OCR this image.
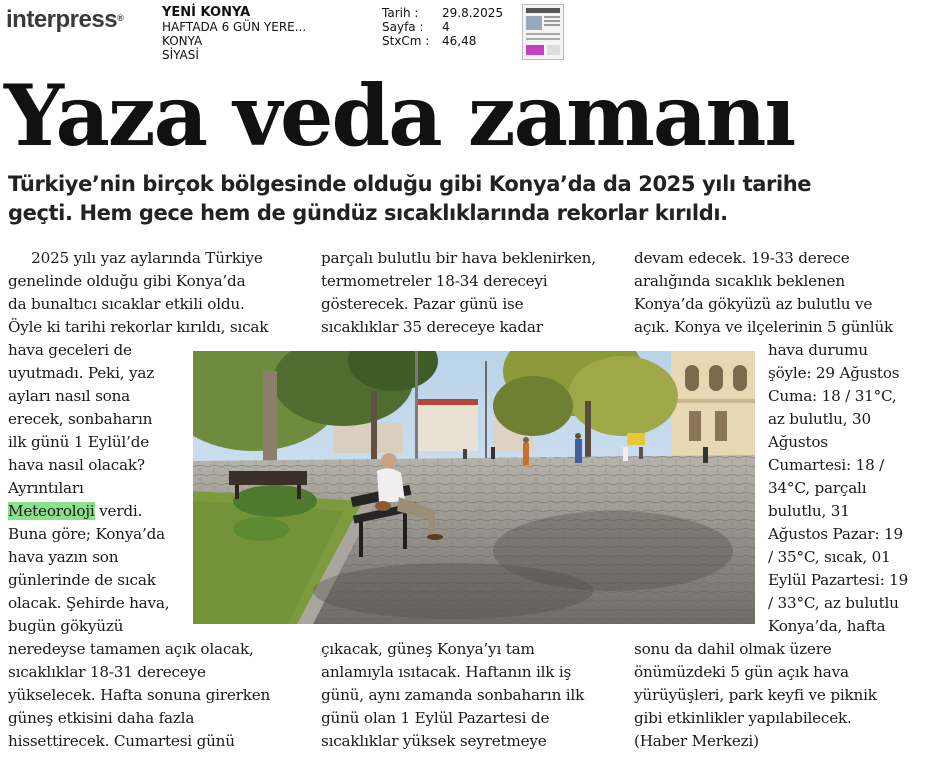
interpress®	YENİ KONYA
HAFTADA 6 GÜN YERE...
KONYA
SİYASİ
Tarih :	29.8.2025
Sayfa :	4
StxCm :	46,48
Yaza veda zamanı
Türkiye’nin birçok bölgesinde olduğu gibi Konya’da da 2025 yılı tarihe
geçti. Hem gece hem de gündüz sıcaklıklarında rekorlar kırıldı.

2025 yılı yaz aylarında Türkiye

genelinde olduğu gibi Konya’da

da bunaltıcı sıcaklar etkili oldu.

Öyle ki tarihi rekorlar kırıldı, sıcak

hava geceleri de

uyutmadı. Peki, yaz

ayları nasıl sona

erecek, sonbaharın

ilk günü 1 Eylül’de

hava nasıl olacak?

Ayrıntıları

Meteoroloji verdi.

Buna göre; Konya’da

hava yazın son

günlerinde de sıcak

olacak. Şehirde hava,

bugün gökyüzü

neredeyse tamamen açık olacak,

sıcaklıklar 18-31 dereceye

yükselecek. Hafta sonuna girerken

güneş etkisini daha fazla

hissettirecek. Cumartesi günü

parçalı bulutlu bir hava beklenirken,

termometreler 18-34 dereceyi

gösterecek. Pazar günü ise

sıcaklıklar 35 dereceye kadar

çıkacak, güneş Konya’yı tam

anlamıyla ısıtacak. Haftanın ilk iş

günü, aynı zamanda sonbaharın ilk

günü olan 1 Eylül Pazartesi de

sıcaklıklar yüksek seyretmeye

devam edecek. 19-33 derece

aralığında sıcaklık beklenen

Konya’da gökyüzü az bulutlu ve

açık. Konya ve ilçelerinin 5 günlük

hava durumu

şöyle: 29 Ağustos

Cuma: 18 / 31°C,

az bulutlu, 30

Ağustos

Cumartesi: 18 /

34°C, parçalı

bulutlu, 31

Ağustos Pazar: 19

/ 35°C, sıcak, 01

Eylül Pazartesi: 19

/ 33°C, az bulutlu

Konya’da, hafta

sonu da dahil olmak üzere

önümüzdeki 5 gün açık hava

yürüyüşleri, park keyfi ve piknik

gibi etkinlikler yapılabilecek.

(Haber Merkezi)
